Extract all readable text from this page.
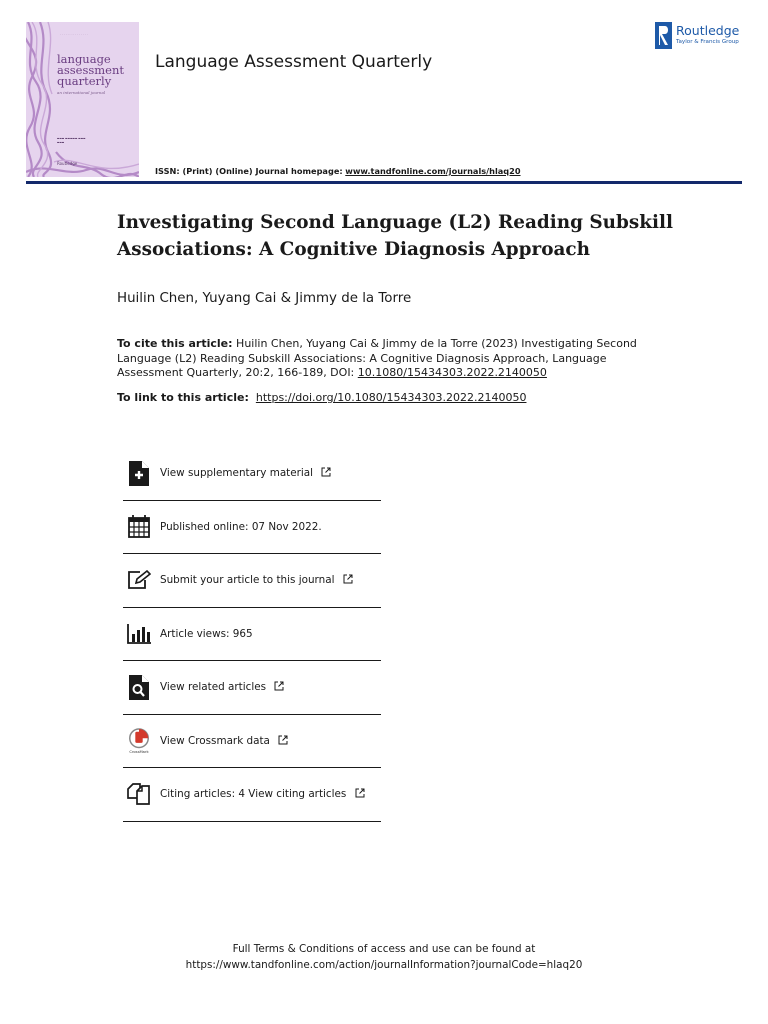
· · · · · · · · · · · · · · ·
language assessment quarterly
an international journal
▬▬▬ ▬▬▬▬▬ ▬▬▬
▬▬▬
Routledge
Language Assessment Quarterly
ISSN: (Print) (Online) Journal homepage: www.tandfonline.com/journals/hlaq20
Routledge
Taylor & Francis Group
Investigating Second Language (L2) Reading Subskill Associations: A Cognitive Diagnosis Approach
Huilin Chen, Yuyang Cai & Jimmy de la Torre
To cite this article: Huilin Chen, Yuyang Cai & Jimmy de la Torre (2023) Investigating Second Language (L2) Reading Subskill Associations: A Cognitive Diagnosis Approach, Language Assessment Quarterly, 20:2, 166-189, DOI: 10.1080/15434303.2022.2140050
To link to this article: https://doi.org/10.1080/15434303.2022.2140050
View supplementary material
Published online: 07 Nov 2022.
Submit your article to this journal
Article views: 965
View related articles
CrossMark
View Crossmark data
Citing articles: 4 View citing articles
Full Terms & Conditions of access and use can be found at
https://www.tandfonline.com/action/journalInformation?journalCode=hlaq20
